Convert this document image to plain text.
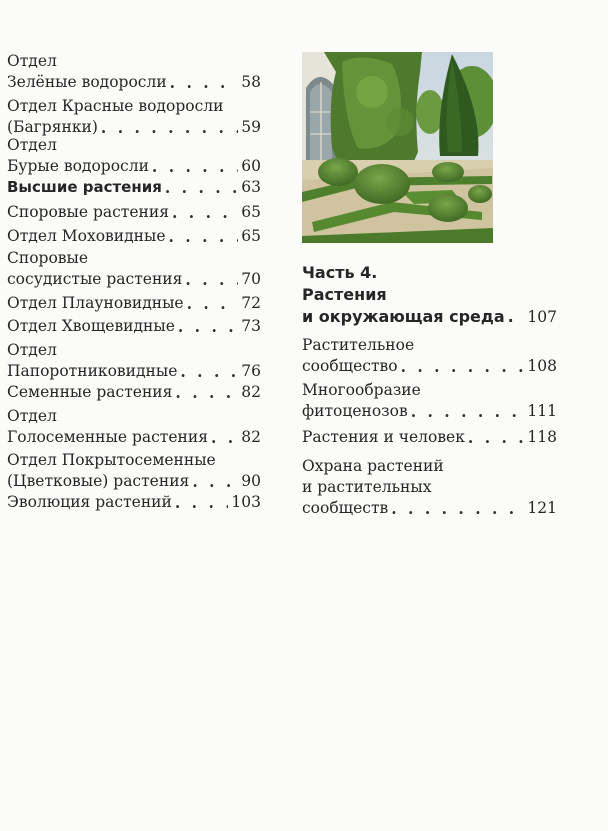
Отдел
Зелёные водоросли . . .	58
Отдел Красные водоросли
(Багрянки) . . .	59
Отдел
Бурые водоросли . . .	60
Высшие растения . . .	63
Споровые растения . . .	65
Отдел Моховидные . . .	65
Споровые
сосудистые растения . . .	70
Отдел Плауновидные . . .	72
Отдел Хвощевидные . . .	73
Отдел
Папоротниковидные . . .	76
Семенные растения . . .	82
Отдел
Голосеменные растения . . . 82
Отдел Покрытосеменные
(Цветковые) растения . . .	90
Эволюция растений . . .	103
Часть 4.
Растения
и окружающая среда . . . 107
Растительное
сообщество . . .	108
Многообразие
фитоценозов . . .	111
Растения и человек . . .	118
Охрана растений
и растительных
сообществ . . .	121
